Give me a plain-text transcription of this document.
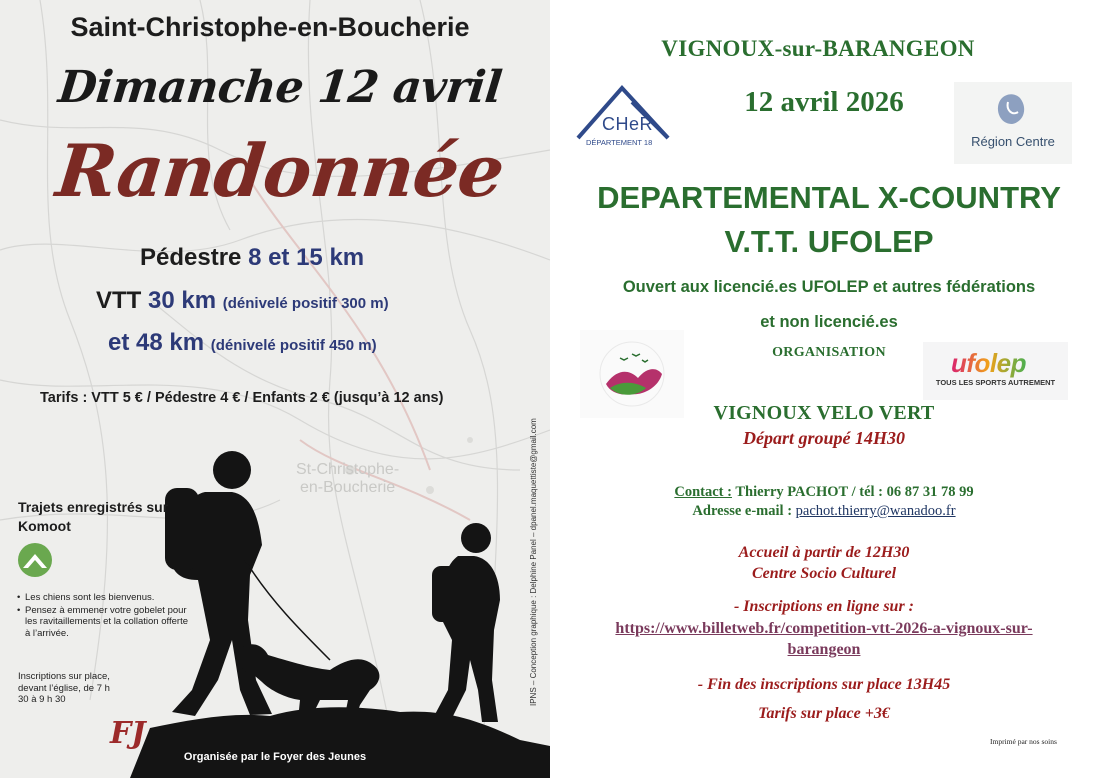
St-Christophe-
en-Boucherie
Saint-Christophe-en-Boucherie
Dimanche 12 avril
Randonnée
Pédestre 8 et 15 km
VTT 30 km (dénivelé positif 300 m)
et 48 km (dénivelé positif 450 m)
Tarifs : VTT 5 € / Pédestre 4 € / Enfants 2 € (jusqu’à 12 ans)
Trajets enregistrés sur Komoot
• Les chiens sont les bienvenus.
• Pensez à emmener votre gobelet pour les ravitaillements et la collation offerte à l’arrivée.
Inscriptions sur place, devant l’église, de 7 h 30 à 9 h 30
FJ
Organisée par le Foyer des Jeunes
IPNS – Conception graphique : Delphine Panel – dpanel.maquettiste@gmail.com
VIGNOUX-sur-BARANGEON
12 avril 2026
CHeR
DÉPARTEMENT 18	Région Centre
DEPARTEMENTAL X-COUNTRY
V.T.T. UFOLEP
Ouvert aux licencié.es UFOLEP et autres fédérations
et non licencié.es
ORGANISATION	ufolep
TOUS LES SPORTS AUTREMENT
VIGNOUX VELO VERT
Départ groupé 14H30
Contact : Thierry PACHOT / tél : 06 87 31 78 99
Adresse e-mail : pachot.thierry@wanadoo.fr
Accueil à partir de 12H30
Centre Socio Culturel
- Inscriptions en ligne sur :
https://www.billetweb.fr/competition-vtt-2026-a-vignoux-sur-
barangeon
- Fin des inscriptions sur place 13H45
Tarifs sur place +3€
Imprimé par nos soins
